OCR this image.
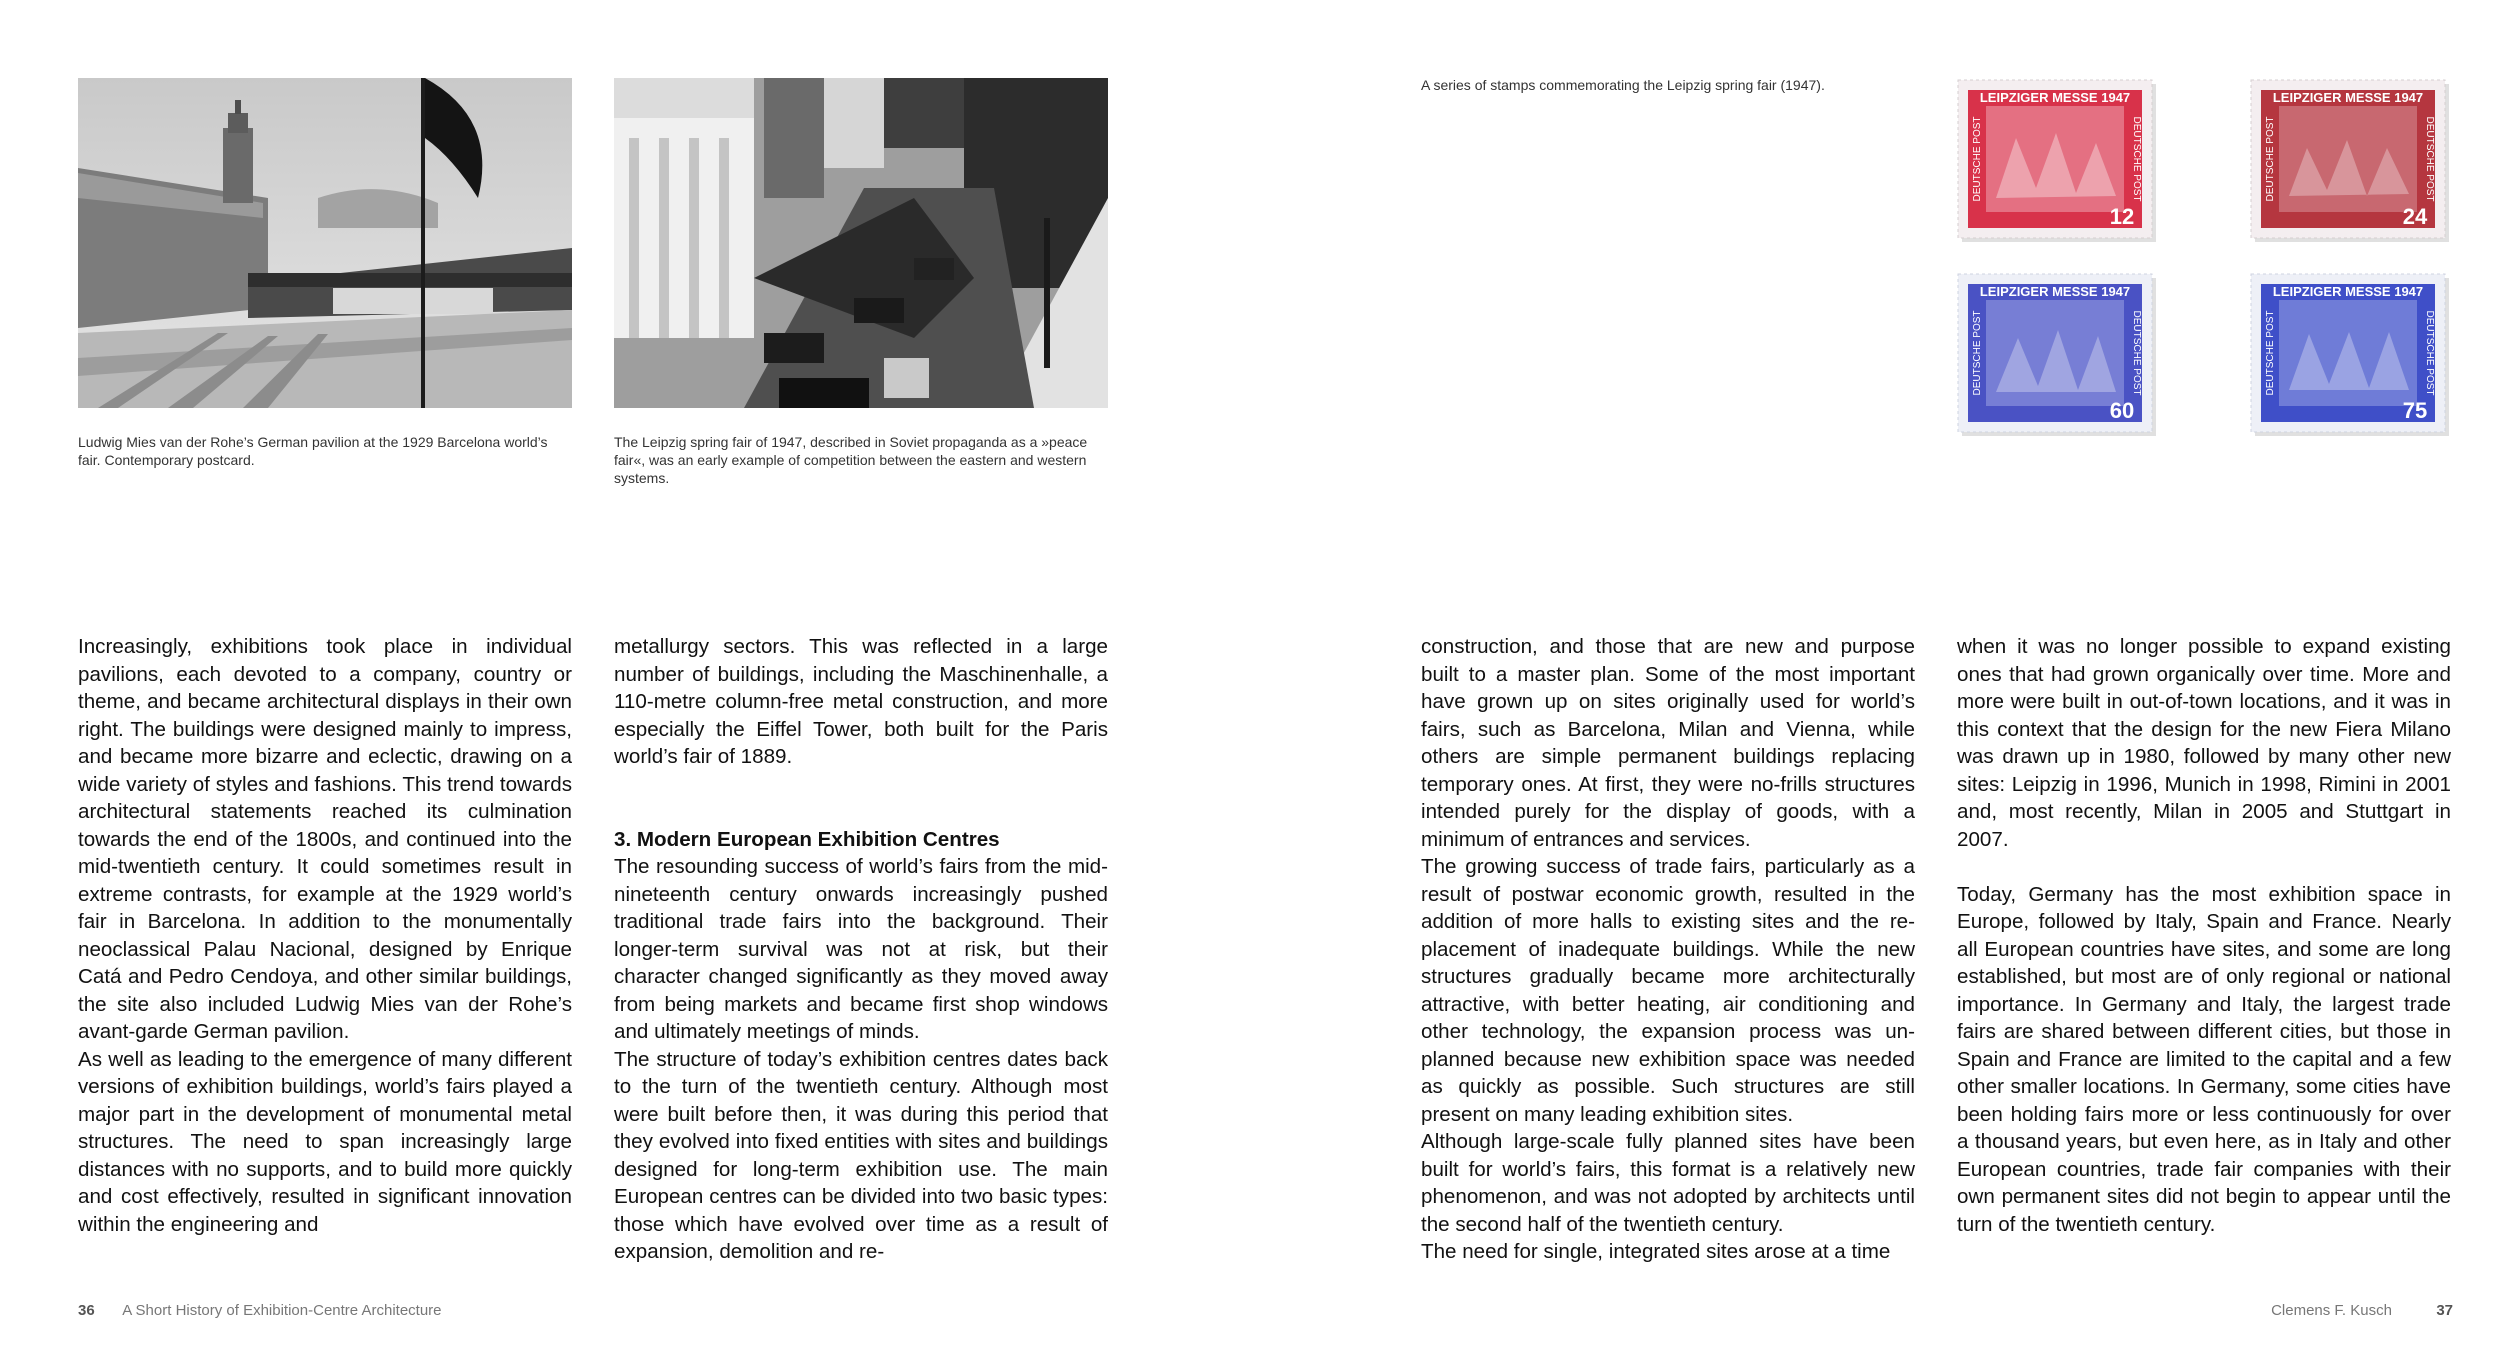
Ludwig Mies van der Rohe’s German pavilion at the 1929 Barcelona world’s fair. Contemporary postcard.

The Leipzig spring fair of 1947, described in Soviet propaganda as a »peace fair«, was an early example of competition between the eastern and western systems.

Increasingly, exhibitions took place in individual pavilions, each devoted to a company, country or theme, and became architectural displays in their own right. The buildings were designed mainly to impress, and became more bizarre and eclectic, drawing on a wide variety of styles and fashions. This trend towards architectural statements reached its culmination towards the end of the 1800s, and continued into the mid-twentieth century. It could sometimes result in extreme contrasts, for example at the 1929 world’s fair in Barcelona. In addition to the monumentally neoclassical Palau Nacional, designed by Enrique Catá and Pedro Cendoya, and other similar buildings, the site also included Ludwig Mies van der Rohe’s avant-garde German pavilion.

As well as leading to the emergence of many different versions of exhibition buildings, world’s fairs played a major part in the development of monumental metal structures. The need to span increasingly large distances with no supports, and to build more quickly and cost effectively, resulted in significant innovation within the engineering and

metallurgy sectors. This was reflected in a large number of buildings, including the Maschinenhalle, a 110-metre column-free metal construction, and more especially the Eiffel Tower, both built for the Paris world’s fair of 1889.

3. Modern European Exhibition Centres

The resounding success of world’s fairs from the mid-nineteenth century onwards increasingly pushed traditional trade fairs into the background. Their longer-term survival was not at risk, but their character changed significantly as they moved away from being markets and became first shop windows and ultimately meetings of minds.

The structure of today’s exhibition centres dates back to the turn of the twentieth century. Although most were built before then, it was during this period that they evolved into fixed entities with sites and buildings designed for long-term exhibition use. The main European centres can be divided into two basic types: those which have evolved over time as a result of expansion, demolition and re-

36 A Short History of Exhibition-Centre Architecture

A series of stamps commemorating the Leipzig spring fair (1947).

LEIPZIGER MESSE 1947
DEUTSCHE POST	DEUTSCHE POST
12
LEIPZIGER MESSE 1947
DEUTSCHE POST	DEUTSCHE POST
24
LEIPZIGER MESSE 1947
DEUTSCHE POST	DEUTSCHE POST
60
LEIPZIGER MESSE 1947
DEUTSCHE POST	DEUTSCHE POST
75

construction, and those that are new and purpose built to a master plan. Some of the most important have grown up on sites originally used for world’s fairs, such as Barcelona, Milan and Vienna, while others are simple permanent buildings replacing temporary ones. At first, they were no-frills structures intended purely for the display of goods, with a minimum of entrances and services.

The growing success of trade fairs, particularly as a result of postwar economic growth, resulted in the addition of more halls to existing sites and the replacement of inadequate buildings. While the new structures gradually became more architecturally attractive, with better heating, air conditioning and other technology, the expansion process was unplanned because new exhibition space was needed as quickly as possible. Such structures are still present on many leading exhibition sites.

Although large-scale fully planned sites have been built for world’s fairs, this format is a relatively new phenomenon, and was not adopted by architects until the second half of the twentieth century.

The need for single, integrated sites arose at a time

when it was no longer possible to expand existing ones that had grown organically over time. More and more were built in out-of-town locations, and it was in this context that the design for the new Fiera Milano was drawn up in 1980, followed by many other new sites: Leipzig in 1996, Munich in 1998, Rimini in 2001 and, most recently, Milan in 2005 and Stuttgart in 2007.

Today, Germany has the most exhibition space in Europe, followed by Italy, Spain and France. Nearly all European countries have sites, and some are long established, but most are of only regional or national importance. In Germany and Italy, the largest trade fairs are shared between different cities, but those in Spain and France are limited to the capital and a few other smaller locations. In Germany, some cities have been holding fairs more or less continuously for over a thousand years, but even here, as in Italy and other European countries, trade fair companies with their own permanent sites did not begin to appear until the turn of the twentieth century.

Clemens F. Kusch	37
